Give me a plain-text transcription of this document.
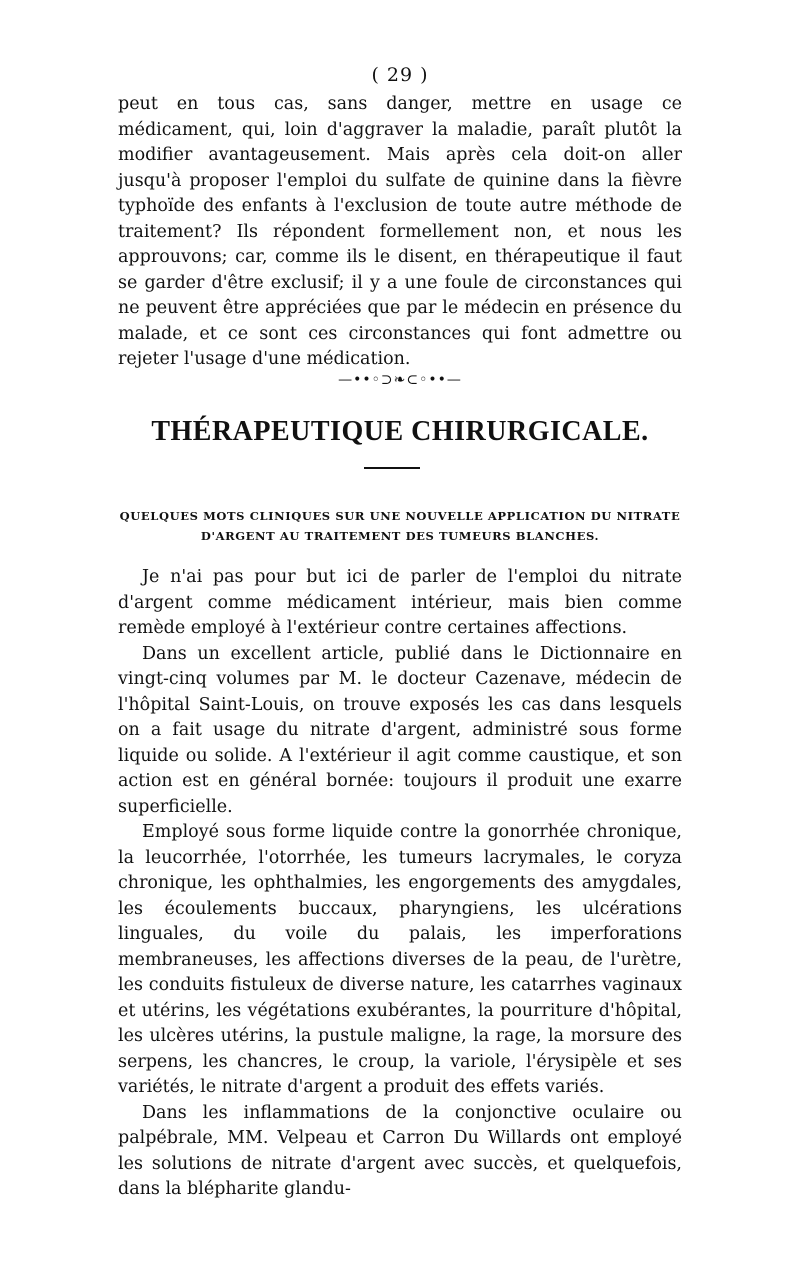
( 29 )

peut en tous cas, sans danger, mettre en usage ce médicament, qui, loin d'aggraver la maladie, paraît plutôt la modifier avantageusement. Mais après cela doit-on aller jusqu'à proposer l'emploi du sulfate de quinine dans la fièvre typhoïde des enfants à l'exclusion de toute autre méthode de traitement? Ils répondent formellement non, et nous les approuvons; car, comme ils le disent, en thérapeutique il faut se garder d'être exclusif; il y a une foule de circonstances qui ne peuvent être appréciées que par le médecin en présence du malade, et ce sont ces circonstances qui font admettre ou rejeter l'usage d'une médication.

—••◦⊃❧⊂◦••—
THÉRAPEUTIQUE CHIRURGICALE.
QUELQUES MOTS CLINIQUES SUR UNE NOUVELLE APPLICATION DU NITRATE
D'ARGENT AU TRAITEMENT DES TUMEURS BLANCHES.

Je n'ai pas pour but ici de parler de l'emploi du nitrate d'argent comme médicament intérieur, mais bien comme remède employé à l'extérieur contre certaines affections.

Dans un excellent article, publié dans le Dictionnaire en vingt-cinq volumes par M. le docteur Cazenave, médecin de l'hôpital Saint-Louis, on trouve exposés les cas dans lesquels on a fait usage du nitrate d'argent, administré sous forme liquide ou solide. A l'extérieur il agit comme caustique, et son action est en général bornée: toujours il produit une exarre superficielle.

Employé sous forme liquide contre la gonorrhée chronique, la leucorrhée, l'otorrhée, les tumeurs lacrymales, le coryza chronique, les ophthalmies, les engorgements des amygdales, les écoulements buccaux, pharyngiens, les ulcérations linguales, du voile du palais, les imperforations membraneuses, les affections diverses de la peau, de l'urètre, les conduits fistuleux de diverse nature, les catarrhes vaginaux et utérins, les végétations exubérantes, la pourriture d'hôpital, les ulcères utérins, la pustule maligne, la rage, la morsure des serpens, les chancres, le croup, la variole, l'érysipèle et ses variétés, le nitrate d'argent a produit des effets variés.

Dans les inflammations de la conjonctive oculaire ou palpébrale, MM. Velpeau et Carron Du Willards ont employé les solutions de nitrate d'argent avec succès, et quelquefois, dans la blépharite glandu-
